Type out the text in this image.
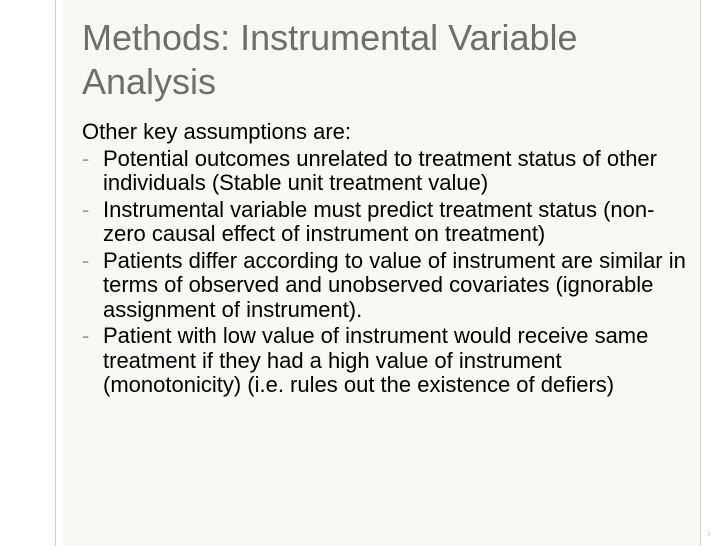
Methods: Instrumental Variable
Analysis

Other key assumptions are:

- Potential outcomes unrelated to treatment status of other individuals (Stable unit treatment value)
- Instrumental variable must predict treatment status (non-zero causal effect of instrument on treatment)
- Patients differ according to value of instrument are similar in terms of observed and unobserved covariates (ignorable assignment of instrument).
- Patient with low value of instrument would receive same treatment if they had a high value of instrument (monotonicity) (i.e. rules out the existence of defiers)
›
